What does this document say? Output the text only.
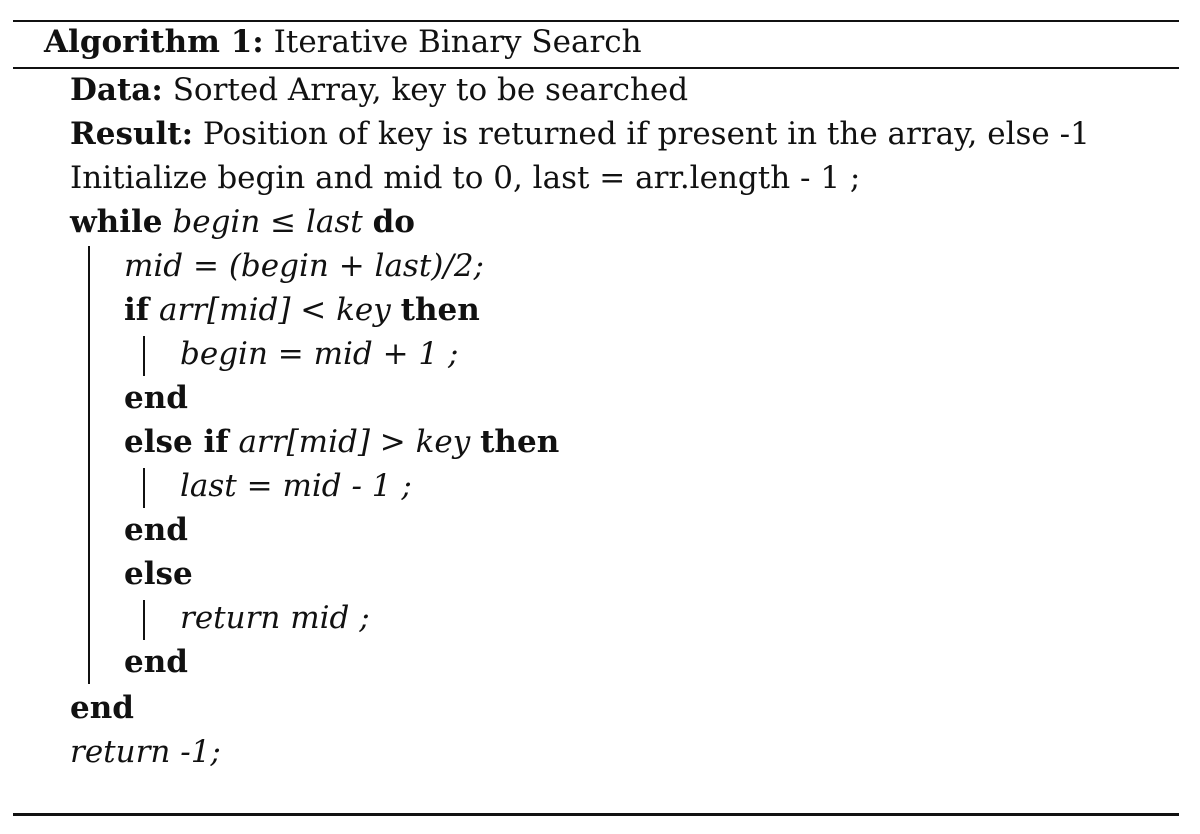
Algorithm 1: Iterative Binary Search
Data: Sorted Array, key to be searched
Result: Position of key is returned if present in the array, else -1
Initialize begin and mid to 0, last = arr.length - 1 ;
while begin ≤ last do
mid = (begin + last)/2;
if arr[mid] < key then
begin = mid + 1 ;
end
else if arr[mid] > key then
last = mid - 1 ;
end
else
return mid ;
end
end
return -1;
